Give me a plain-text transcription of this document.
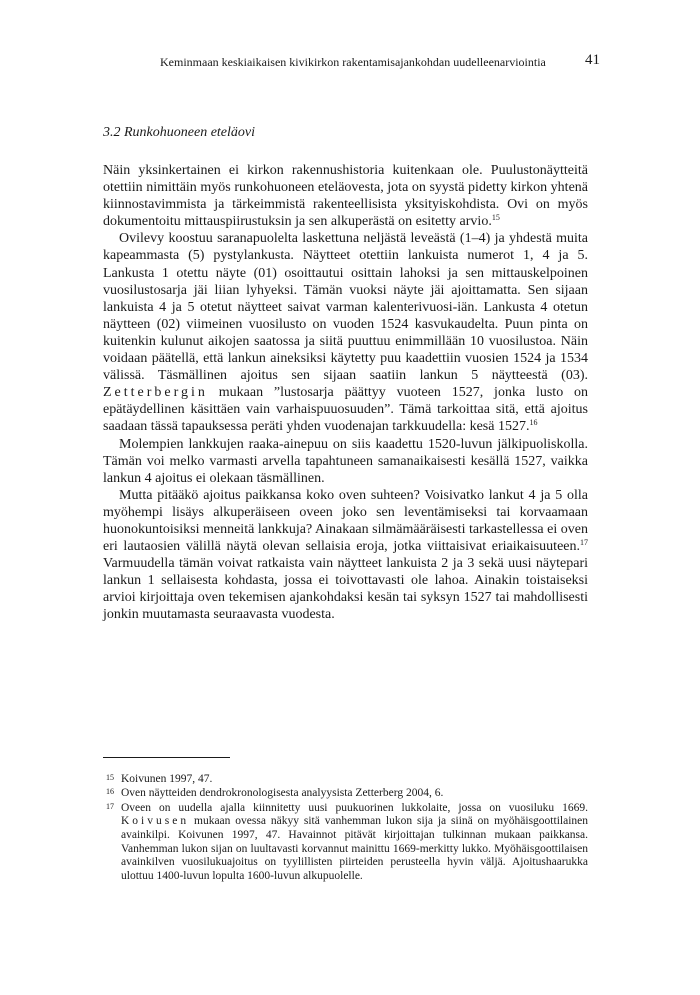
Keminmaan keskiaikaisen kivikirkon rakentamisajankohdan uudelleenarviointia	41
3.2 Runkohuoneen eteläovi

Näin yksinkertainen ei kirkon rakennushistoria kuitenkaan ole. Puulustonäytteitä otettiin nimittäin myös runkohuoneen eteläovesta, jota on syystä pidetty kirkon yhtenä kiinnostavimmista ja tärkeimmistä rakenteellisista yksityiskohdista. Ovi on myös dokumentoitu mittauspiirustuksin ja sen alkuperästä on esitetty arvio.$^{15}$

Ovilevy koostuu saranapuolelta laskettuna neljästä leveästä (1–4) ja yhdestä muita kapeammasta (5) pystylankusta. Näytteet otettiin lankuista numerot 1, 4 ja 5. Lankusta 1 otettu näyte (01) osoittautui osittain lahoksi ja sen mittauskelpoinen vuosilustosarja jäi liian lyhyeksi. Tämän vuoksi näyte jäi ajoittamatta. Sen sijaan lankuista 4 ja 5 otetut näytteet saivat varman kalenterivuosi-iän. Lankusta 4 otetun näytteen (02) viimeinen vuosilusto on vuoden 1524 kasvukaudelta. Puun pinta on kuitenkin kulunut aikojen saatossa ja siitä puuttuu enimmillään 10 vuosilustoa. Näin voidaan päätellä, että lankun aineksiksi käytetty puu kaadettiin vuosien 1524 ja 1534 välissä. Täsmällinen ajoitus sen sijaan saatiin lankun 5 näytteestä (03). Zetterbergin mukaan ”lustosarja päättyy vuoteen 1527, jonka lusto on epätäydellinen käsittäen vain varhaispuuosuuden”. Tämä tarkoittaa sitä, että ajoitus saadaan tässä tapauksessa peräti yhden vuodenajan tarkkuudella: kesä 1527.16

Molempien lankkujen raaka-ainepuu on siis kaadettu 1520-luvun jälkipuoliskolla. Tämän voi melko varmasti arvella tapahtuneen samanaikaisesti kesällä 1527, vaikka lankun 4 ajoitus ei olekaan täsmällinen.

Mutta pitääkö ajoitus paikkansa koko oven suhteen? Voisivatko lankut 4 ja 5 olla myöhempi lisäys alkuperäiseen oveen joko sen leventämiseksi tai korvaamaan huonokuntoisiksi menneitä lankkuja? Ainakaan silmämääräisesti tarkastellessa ei oven eri lautaosien välillä näytä olevan sellaisia eroja, jotka viittaisivat eriaikaisuuteen.$^{17}$ Varmuudella tämän voivat ratkaista vain näytteet lankuista 2 ja 3 sekä uusi näytepari lankun 1 sellaisesta kohdasta, jossa ei toivottavasti ole lahoa. Ainakin toistaiseksi arvioi kirjoittaja oven tekemisen ajankohdaksi kesän tai syksyn 1527 tai mahdollisesti jonkin muutamasta seuraavasta vuodesta.

15 Koivunen 1997, 47.

16 Oven näytteiden dendrokronologisesta analyysista Zetterberg 2004, 6.

17 Oveen on uudella ajalla kiinnitetty uusi puukuorinen lukkolaite, jossa on vuosiluku 1669. Koivusen mukaan ovessa näkyy sitä vanhemman lukon sija ja siinä on myöhäisgoottilainen avainkilpi. Koivunen 1997, 47. Havainnot pitävät kirjoittajan tulkinnan mukaan paikkansa. Vanhemman lukon sijan on luultavasti korvannut mainittu 1669-merkitty lukko. Myöhäisgoottilaisen avainkilven vuosilukuajoitus on tyylillisten piirteiden perusteella hyvin väljä. Ajoitushaarukka ulottuu 1400-luvun lopulta 1600-luvun alkupuolelle.
